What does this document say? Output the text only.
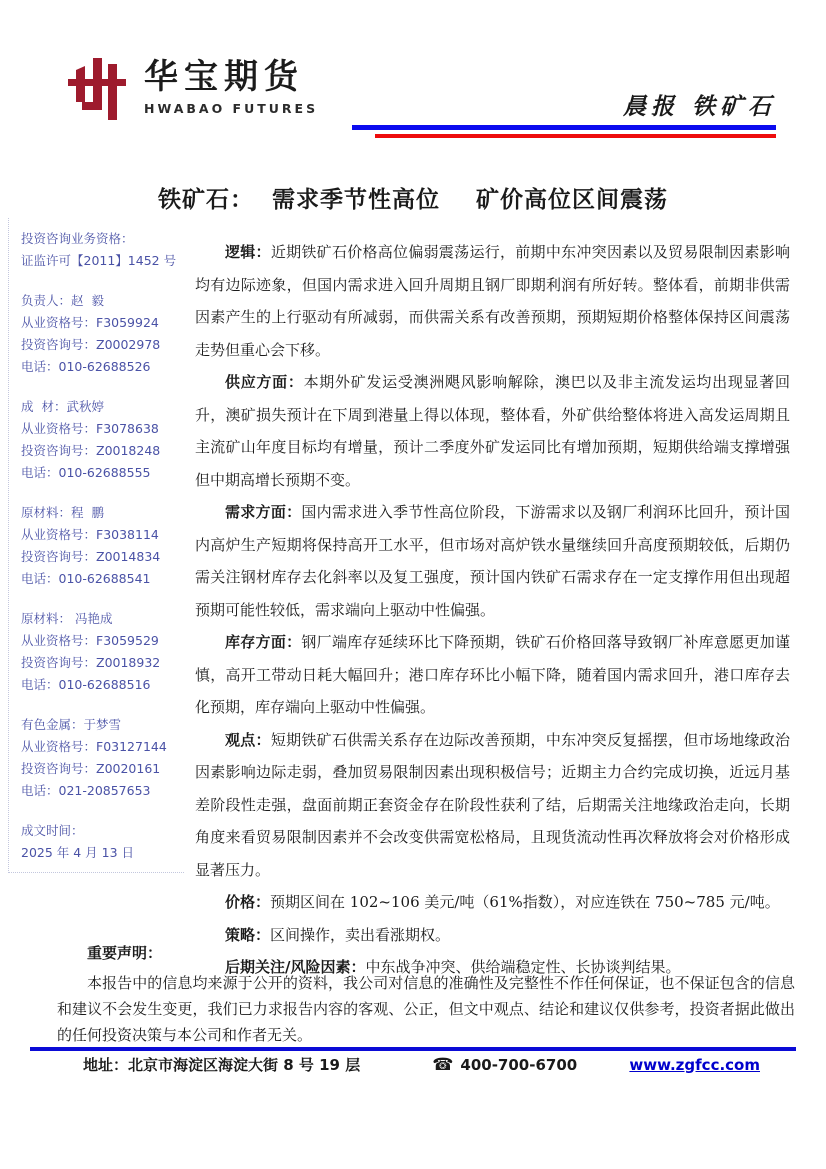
华宝期货
HWABAO FUTURES	晨报 铁矿石
铁矿石：  需求季节性高位    矿价高位区间震荡
投资咨询业务资格：
证监许可【2011】1452 号
负责人：赵  毅
从业资格号：F3059924
投资咨询号：Z0002978
电话：010-62688526
成  材：武秋婷
从业资格号：F3078638
投资咨询号：Z0018248
电话：010-62688555
原材料：程  鹏
从业资格号：F3038114
投资咨询号：Z0014834
电话：010-62688541
原材料： 冯艳成
从业资格号：F3059529
投资咨询号：Z0018932
电话：010-62688516
有色金属：于梦雪
从业资格号：F03127144
投资咨询号：Z0020161
电话：021-20857653
成文时间：
2025 年 4 月 13 日

逻辑：近期铁矿石价格高位偏弱震荡运行，前期中东冲突因素以及贸易限制因素影响均有边际迹象，但国内需求进入回升周期且钢厂即期利润有所好转。整体看，前期非供需因素产生的上行驱动有所减弱，而供需关系有改善预期，预期短期价格整体保持区间震荡走势但重心会下移。

供应方面：本期外矿发运受澳洲飓风影响解除，澳巴以及非主流发运均出现显著回升，澳矿损失预计在下周到港量上得以体现，整体看，外矿供给整体将进入高发运周期且主流矿山年度目标均有增量，预计二季度外矿发运同比有增加预期，短期供给端支撑增强但中期高增长预期不变。

需求方面：国内需求进入季节性高位阶段，下游需求以及钢厂利润环比回升，预计国内高炉生产短期将保持高开工水平，但市场对高炉铁水量继续回升高度预期较低，后期仍需关注钢材库存去化斜率以及复工强度，预计国内铁矿石需求存在一定支撑作用但出现超预期可能性较低，需求端向上驱动中性偏强。

库存方面：钢厂端库存延续环比下降预期，铁矿石价格回落导致钢厂补库意愿更加谨慎，高开工带动日耗大幅回升；港口库存环比小幅下降，随着国内需求回升，港口库存去化预期，库存端向上驱动中性偏强。

观点：短期铁矿石供需关系存在边际改善预期，中东冲突反复摇摆，但市场地缘政治因素影响边际走弱，叠加贸易限制因素出现积极信号；近期主力合约完成切换，近远月基差阶段性走强，盘面前期正套资金存在阶段性获利了结，后期需关注地缘政治走向，长期角度来看贸易限制因素并不会改变供需宽松格局，且现货流动性再次释放将会对价格形成显著压力。

价格：预期区间在 102~106 美元/吨（61%指数），对应连铁在 750~785 元/吨。

策略：区间操作，卖出看涨期权。

后期关注/风险因素：中东战争冲突、供给端稳定性、长协谈判结果。

重要声明：

本报告中的信息均来源于公开的资料，我公司对信息的准确性及完整性不作任何保证，也不保证包含的信息和建议不会发生变更，我们已力求报告内容的客观、公正，但文中观点、结论和建议仅供参考，投资者据此做出的任何投资决策与本公司和作者无关。

地址：北京市海淀区海淀大街 8 号 19 层	☎ 400-700-6700	www.zgfcc.com
